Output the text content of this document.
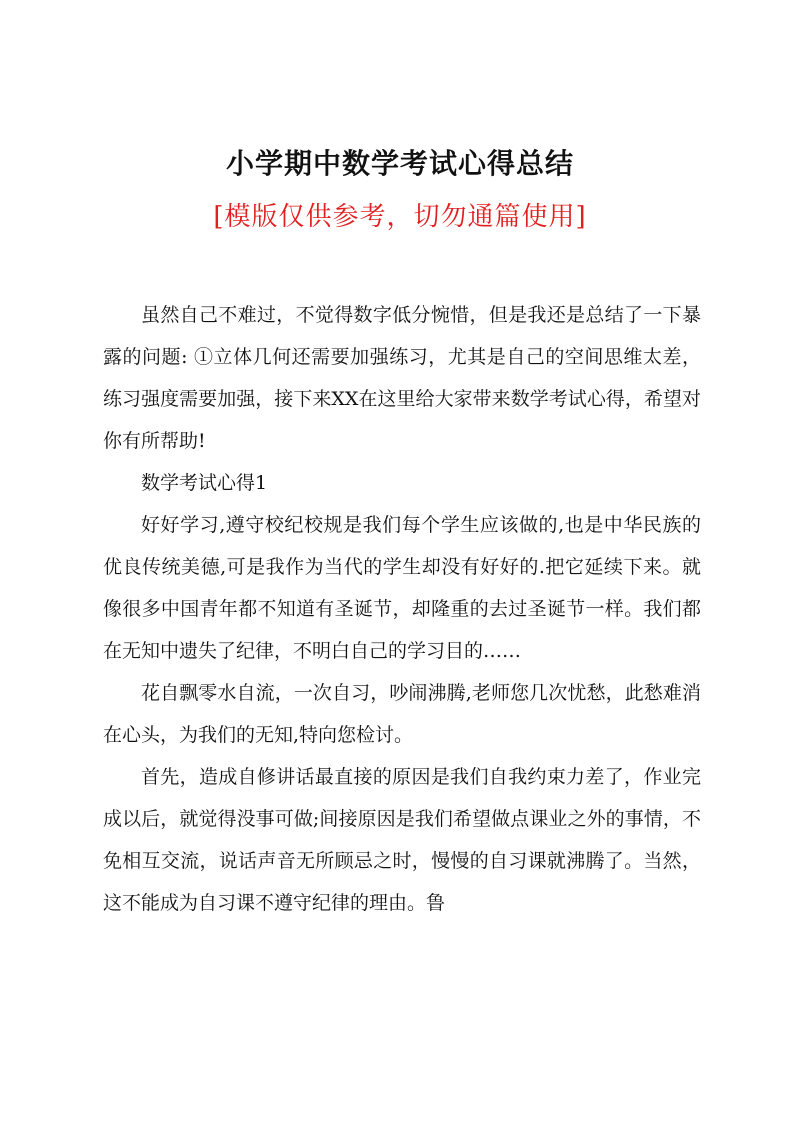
小学期中数学考试心得总结
[模版仅供参考，切勿通篇使用]

虽然自己不难过，不觉得数字低分惋惜，但是我还是总结了一下暴露的问题: ①立体几何还需要加强练习，尤其是自己的空间思维太差，练习强度需要加强，接下来XX在这里给大家带来数学考试心得，希望对你有所帮助!

数学考试心得1

好好学习,遵守校纪校规是我们每个学生应该做的,也是中华民族的优良传统美德,可是我作为当代的学生却没有好好的.把它延续下来。就像很多中国青年都不知道有圣诞节，却隆重的去过圣诞节一样。我们都在无知中遗失了纪律，不明白自己的学习目的……

花自飘零水自流，一次自习，吵闹沸腾,老师您几次忧愁，此愁难消在心头，为我们的无知,特向您检讨。

首先，造成自修讲话最直接的原因是我们自我约束力差了，作业完成以后，就觉得没事可做;间接原因是我们希望做点课业之外的事情，不免相互交流，说话声音无所顾忌之时，慢慢的自习课就沸腾了。当然，这不能成为自习课不遵守纪律的理由。鲁
